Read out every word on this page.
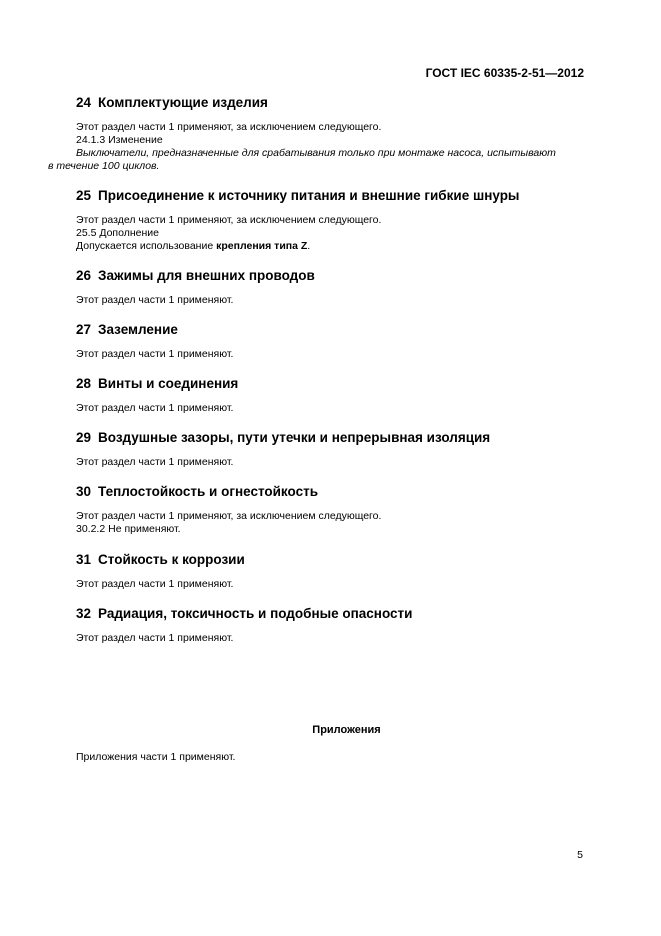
ГОСТ IEC 60335-2-51—2012
24 Комплектующие изделия

Этот раздел части 1 применяют, за исключением следующего.

24.1.3 Изменение

Выключатели, предназначенные для срабатывания только при монтаже насоса, испытывают

в течение 100 циклов.

25 Присоединение к источнику питания и внешние гибкие шнуры

Этот раздел части 1 применяют, за исключением следующего.

25.5 Дополнение

Допускается использование крепления типа Z.

26 Зажимы для внешних проводов

Этот раздел части 1 применяют.

27 Заземление

Этот раздел части 1 применяют.

28 Винты и соединения

Этот раздел части 1 применяют.

29 Воздушные зазоры, пути утечки и непрерывная изоляция

Этот раздел части 1 применяют.

30 Теплостойкость и огнестойкость

Этот раздел части 1 применяют, за исключением следующего.

30.2.2 Не применяют.

31 Стойкость к коррозии

Этот раздел части 1 применяют.

32 Радиация, токсичность и подобные опасности

Этот раздел части 1 применяют.

Приложения
Приложения части 1 применяют.
5
